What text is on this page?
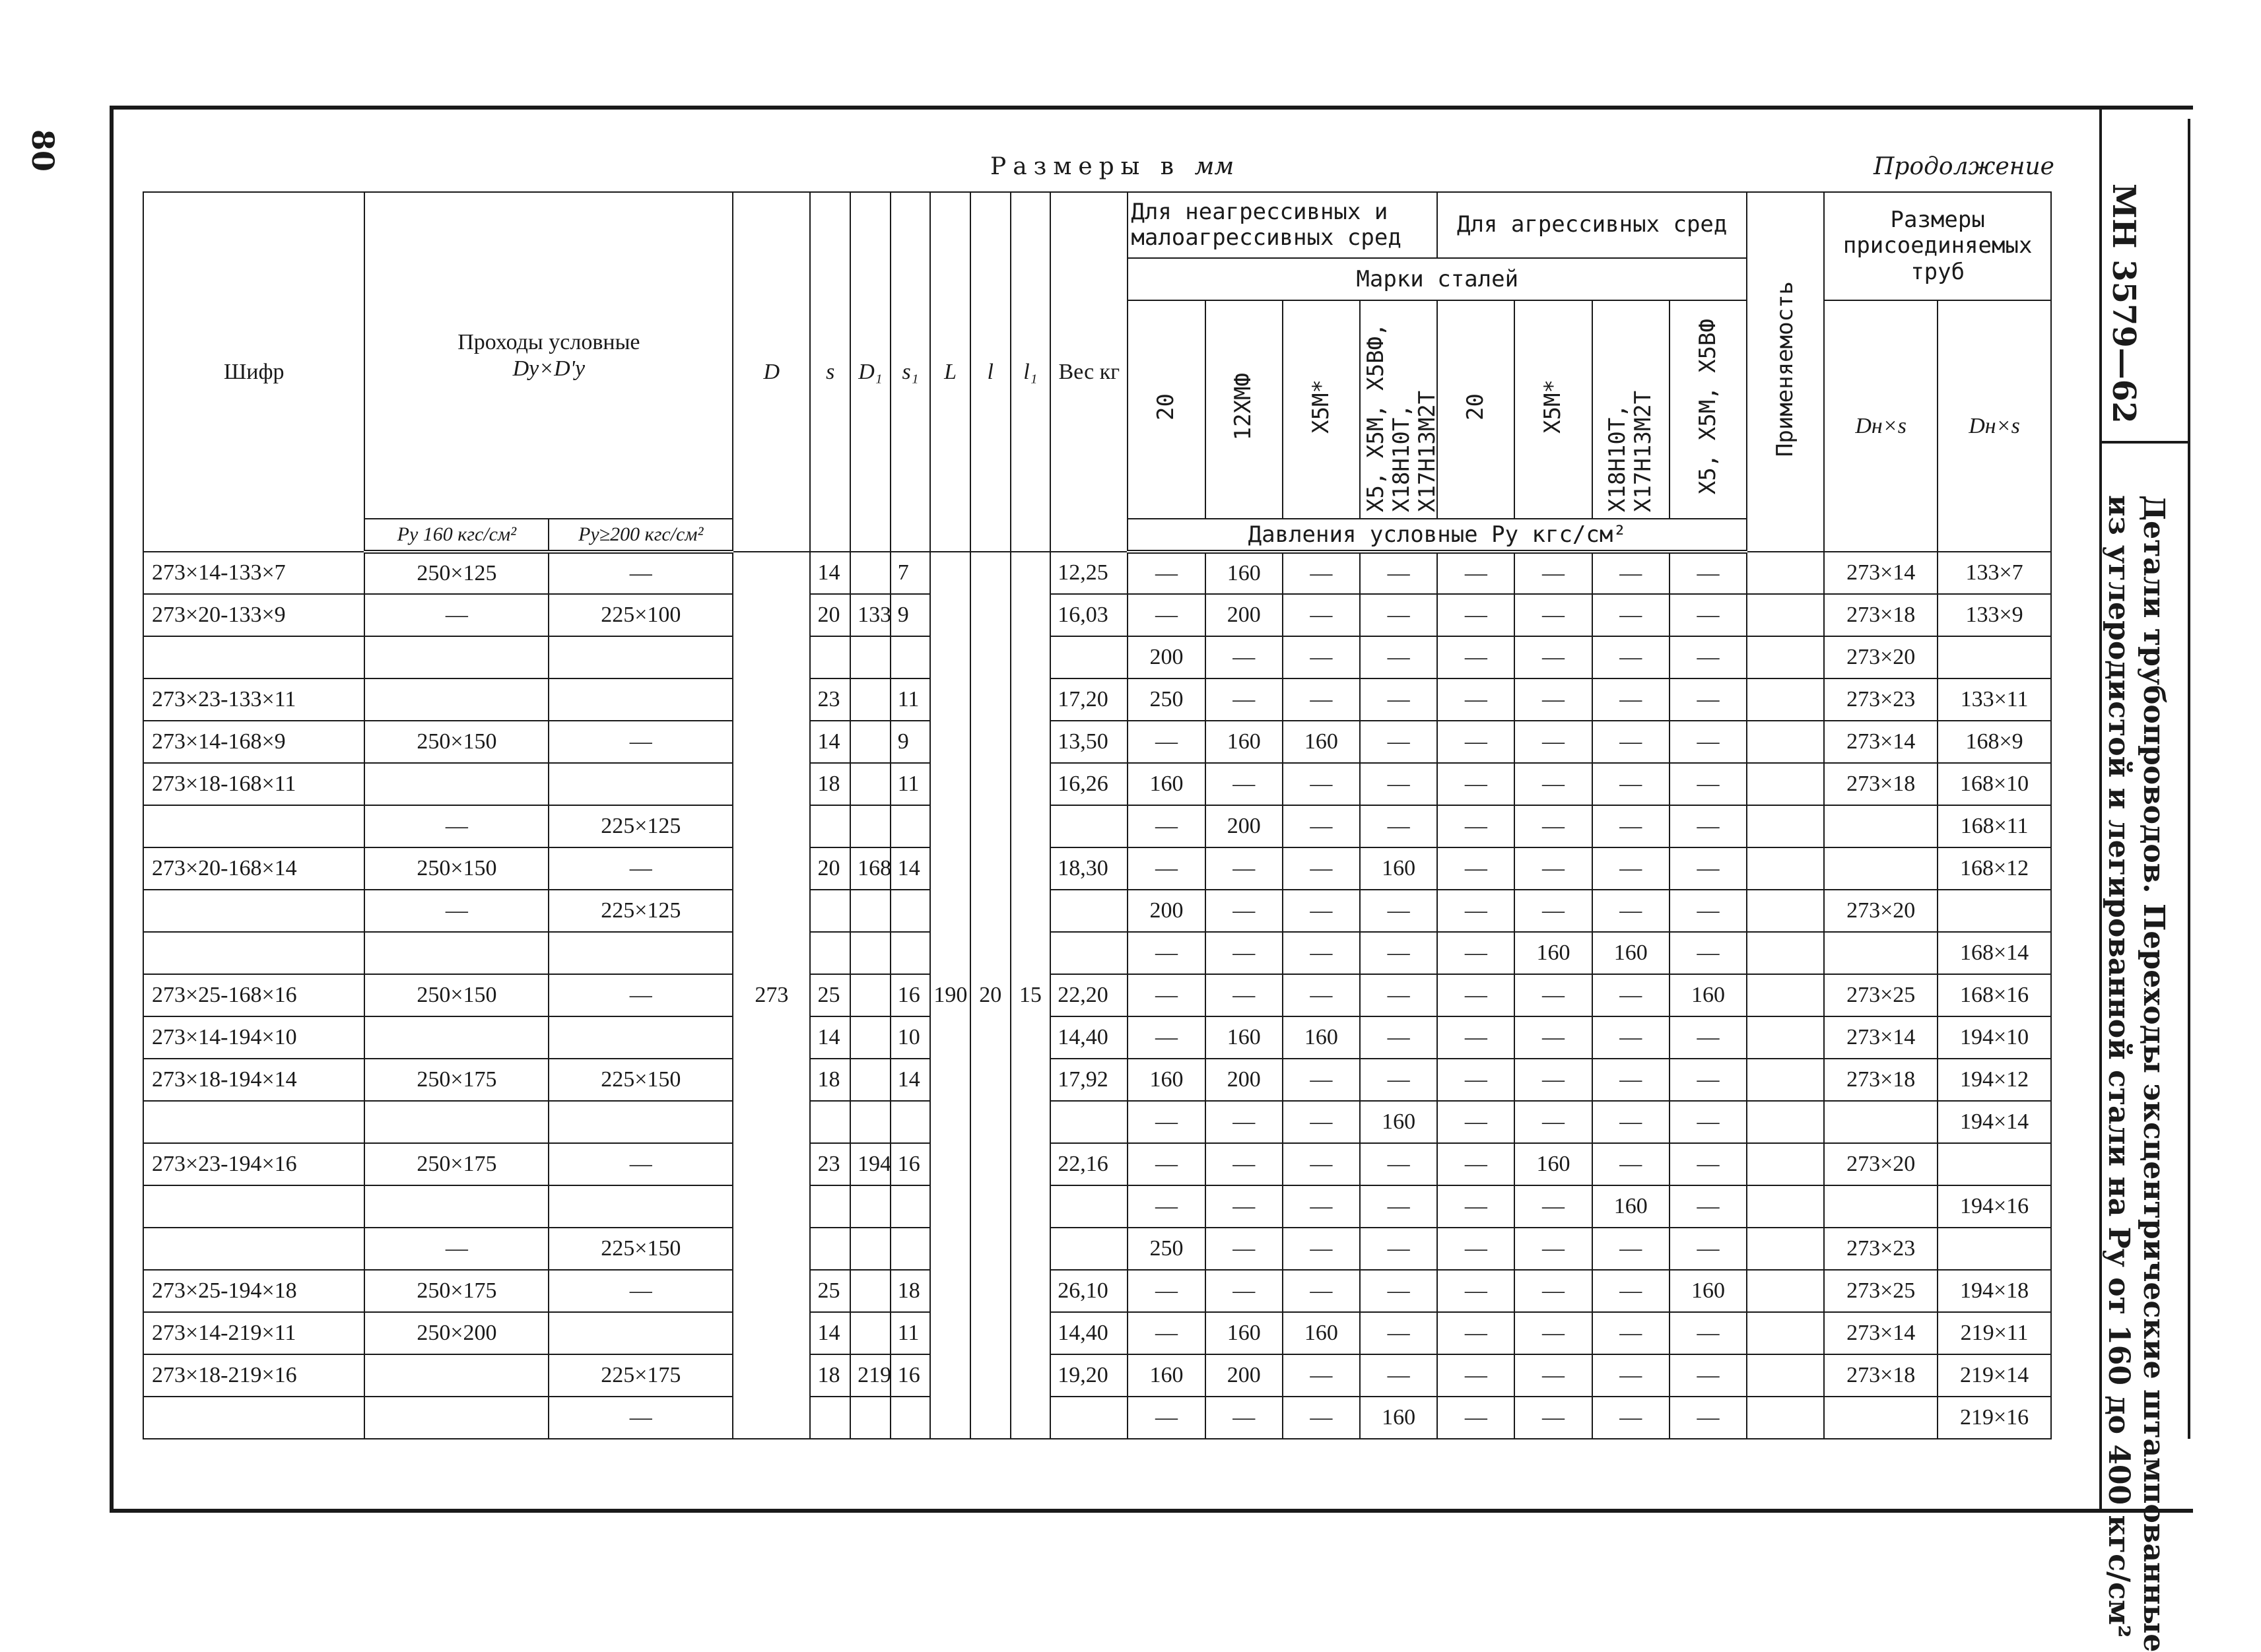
80	Размеры в мм	Продолжение
МН 3579—62
Детали трубопроводов. Переходы эксцентрические штампованные
из углеродистой и легированной стали на Pу от 160 до 400 кгс/см²
Шифр	Проходы условные
Dу×D'у		D	s	D₁	s₁	L	l	l₁	Вес кг	Для неагрессивных и малоагрессивных сред				Для агрессивных сред				Применяемость	Размеры присоединяемых труб	
											Марки сталей										
											20	12ХМФ	Х5М*	Х5, Х5М, Х5ВФ, Х18Н10Т, Х17Н13М2Т	20	Х5М*	Х18Н10Т, Х17Н13М2Т	Х5, Х5М, Х5ВФ		Dн×s	Dн×s
	Pу 160 кгс/см²	Pу≥200 кгс/см²									Давления условные Pу кгс/см²										
273×14-133×7	250×125	—	273	14		7	190	20	15	12,25	—	160	—	—	—	—	—	—		273×14	133×7
273×20-133×9	—	225×100		20	133	9				16,03	—	200	—	—	—	—	—	—		273×18	133×9
											200	—	—	—	—	—	—	—		273×20	
273×23-133×11				23		11				17,20	250	—	—	—	—	—	—	—		273×23	133×11
273×14-168×9	250×150	—		14		9				13,50	—	160	160	—	—	—	—	—		273×14	168×9
273×18-168×11				18		11				16,26	160	—	—	—	—	—	—	—		273×18	168×10
	—	225×125									—	200	—	—	—	—	—	—			168×11
273×20-168×14	250×150	—		20	168	14				18,30	—	—	—	160	—	—	—	—			168×12
	—	225×125									200	—	—	—	—	—	—	—		273×20	
											—	—	—	—	—	160	160	—			168×14
273×25-168×16	250×150	—		25		16				22,20	—	—	—	—	—	—	—	160		273×25	168×16
273×14-194×10				14		10				14,40	—	160	160	—	—	—	—	—		273×14	194×10
273×18-194×14	250×175	225×150		18		14				17,92	160	200	—	—	—	—	—	—		273×18	194×12
											—	—	—	160	—	—	—	—			194×14
273×23-194×16	250×175	—		23	194	16				22,16	—	—	—	—	—	160	—	—		273×20	
											—	—	—	—	—	—	160	—			194×16
	—	225×150									250	—	—	—	—	—	—	—		273×23	
273×25-194×18	250×175	—		25		18				26,10	—	—	—	—	—	—	—	160		273×25	194×18
273×14-219×11	250×200			14		11				14,40	—	160	160	—	—	—	—	—		273×14	219×11
273×18-219×16		225×175		18	219	16				19,20	160	200	—	—	—	—	—	—		273×18	219×14
		—									—	—	—	160	—	—	—	—			219×16
